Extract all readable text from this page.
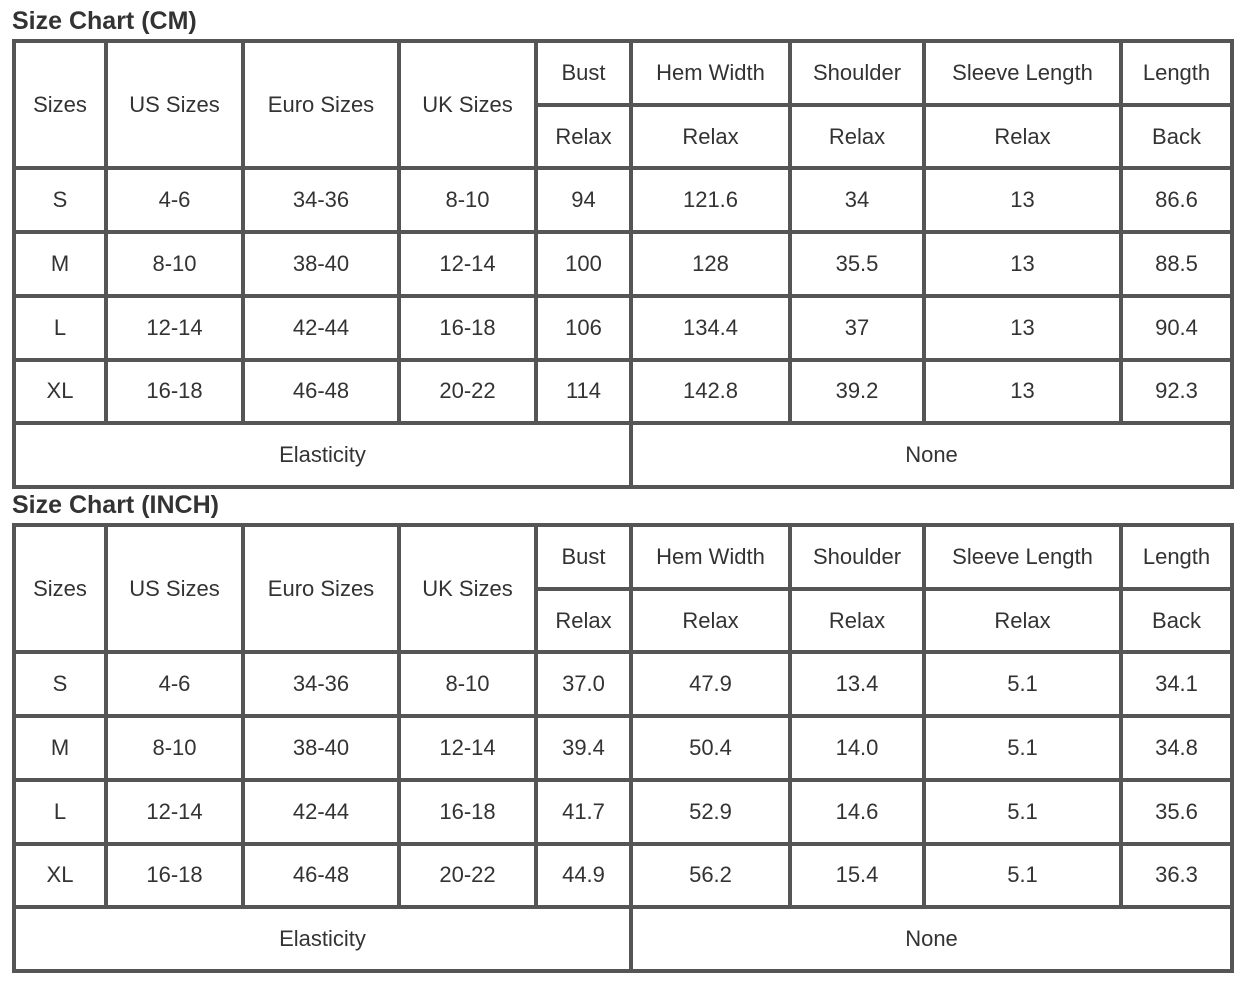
Size Chart (CM)
Sizes	US Sizes	Euro Sizes	UK Sizes	Bust	Hem Width	Shoulder	Sleeve Length	Length
				Relax	Relax	Relax	Relax	Back
S	4-6	34-36	8-10	94	121.6	34	13	86.6
M	8-10	38-40	12-14	100	128	35.5	13	88.5
L	12-14	42-44	16-18	106	134.4	37	13	90.4
XL	16-18	46-48	20-22	114	142.8	39.2	13	92.3
Elasticity					None			
Size Chart (INCH)
Sizes	US Sizes	Euro Sizes	UK Sizes	Bust	Hem Width	Shoulder	Sleeve Length	Length
				Relax	Relax	Relax	Relax	Back
S	4-6	34-36	8-10	37.0	47.9	13.4	5.1	34.1
M	8-10	38-40	12-14	39.4	50.4	14.0	5.1	34.8
L	12-14	42-44	16-18	41.7	52.9	14.6	5.1	35.6
XL	16-18	46-48	20-22	44.9	56.2	15.4	5.1	36.3
Elasticity					None			
